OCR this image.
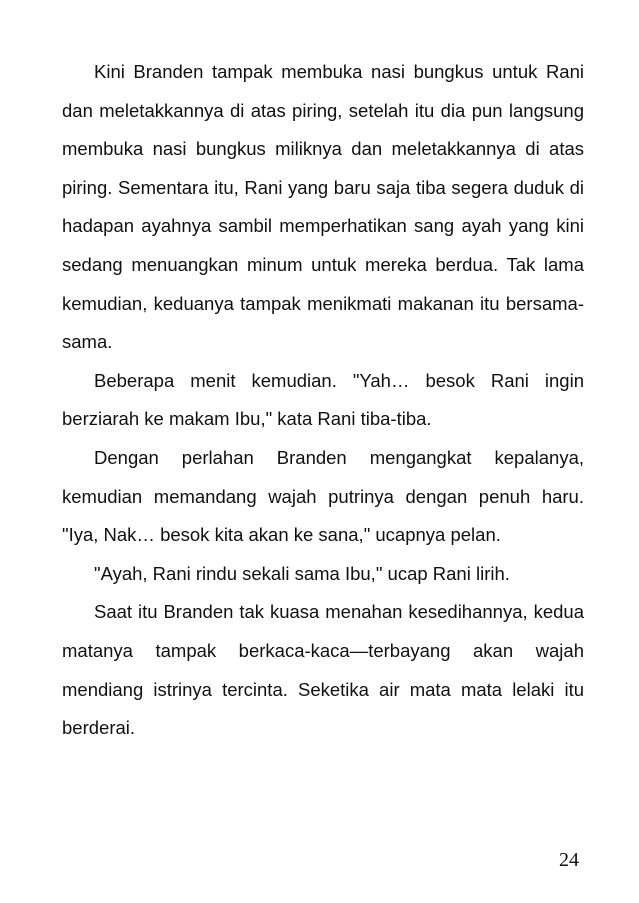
Kini Branden tampak membuka nasi bungkus untuk Rani dan meletakkannya di atas piring, setelah itu dia pun langsung membuka nasi bungkus miliknya dan meletakkannya di atas piring. Sementara itu, Rani yang baru saja tiba segera duduk di hadapan ayahnya sambil memperhatikan sang ayah yang kini sedang menuangkan minum untuk mereka berdua. Tak lama kemudian, keduanya tampak menikmati makanan itu bersama-sama.

Beberapa menit kemudian. "Yah… besok Rani ingin berziarah ke makam Ibu," kata Rani tiba-tiba.

Dengan perlahan Branden mengangkat kepalanya, kemudian memandang wajah putrinya dengan penuh haru. "Iya, Nak… besok kita akan ke sana," ucapnya pelan.

"Ayah, Rani rindu sekali sama Ibu," ucap Rani lirih.

Saat itu Branden tak kuasa menahan kesedihannya, kedua matanya tampak berkaca-kaca—terbayang akan wajah mendiang istrinya tercinta. Seketika air mata mata lelaki itu berderai.

24
